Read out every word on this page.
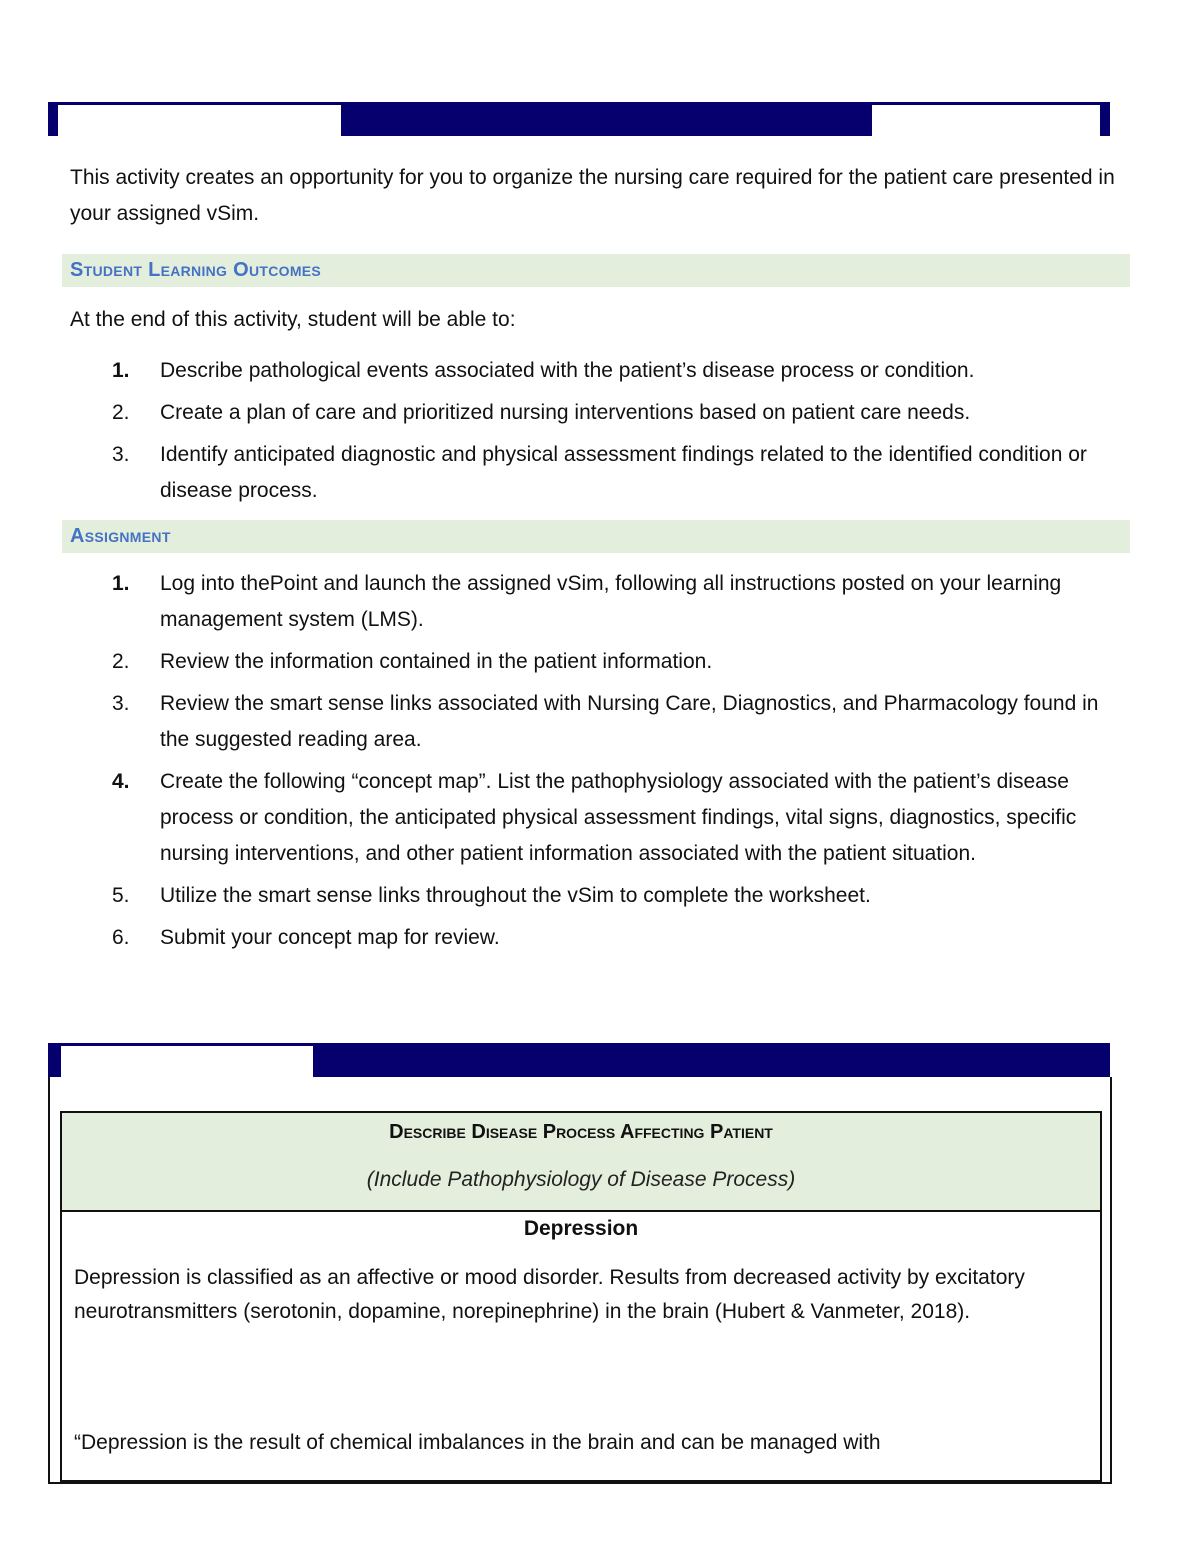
This activity creates an opportunity for you to organize the nursing care required for the patient care presented in your assigned vSim.
Student Learning Outcomes
At the end of this activity, student will be able to:
1. Describe pathological events associated with the patient’s disease process or condition.
2. Create a plan of care and prioritized nursing interventions based on patient care needs.
3. Identify anticipated diagnostic and physical assessment findings related to the identified condition or disease process.
Assignment
1. Log into thePoint and launch the assigned vSim, following all instructions posted on your learning management system (LMS).
2. Review the information contained in the patient information.
3. Review the smart sense links associated with Nursing Care, Diagnostics, and Pharmacology found in the suggested reading area.
4. Create the following “concept map”. List the pathophysiology associated with the patient’s disease process or condition, the anticipated physical assessment findings, vital signs, diagnostics, specific nursing interventions, and other patient information associated with the patient situation.
5. Utilize the smart sense links throughout the vSim to complete the worksheet.
6. Submit your concept map for review.
Describe Disease Process Affecting Patient
(Include Pathophysiology of Disease Process)
Depression
Depression is classified as an affective or mood disorder. Results from decreased activity by excitatory neurotransmitters (serotonin, dopamine, norepinephrine) in the brain (Hubert & Vanmeter, 2018).
“Depression is the result of chemical imbalances in the brain and can be managed with
